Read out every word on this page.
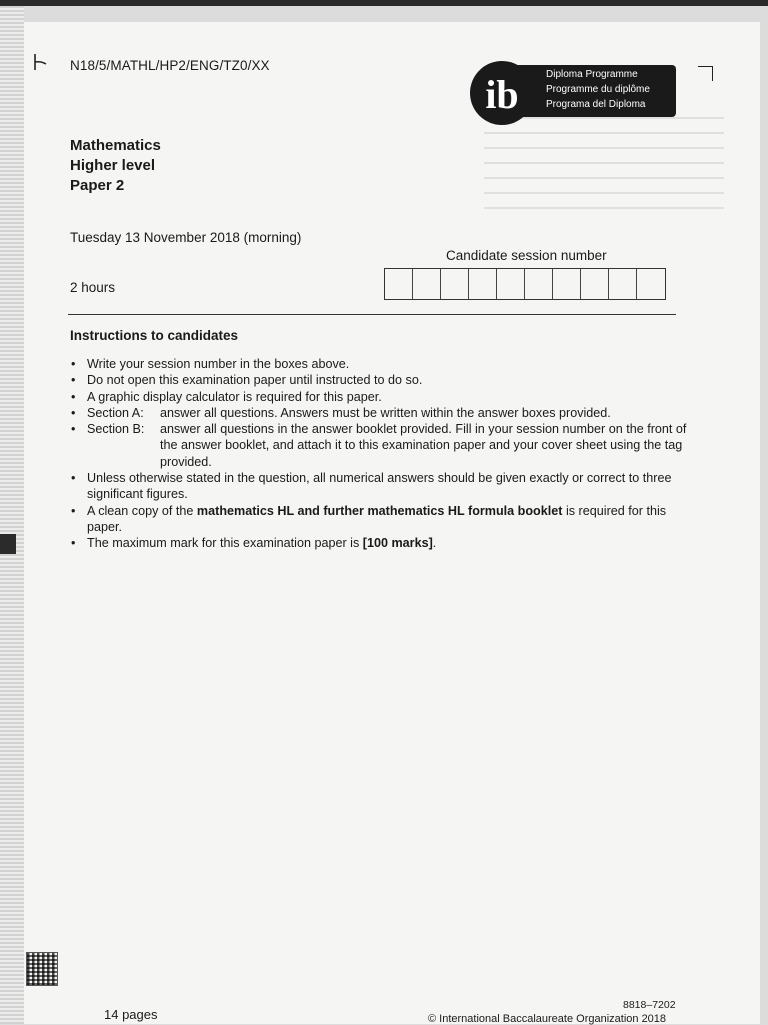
N18/5/MATHL/HP2/ENG/TZ0/XX
ib	Diploma Programme
Programme du diplôme
Programa del Diploma
Mathematics
Higher level
Paper 2
Tuesday 13 November 2018 (morning)
Candidate session number
2 hours
Instructions to candidates
• Write your session number in the boxes above.
• Do not open this examination paper until instructed to do so.
• A graphic display calculator is required for this paper.
• Section A:	answer all questions. Answers must be written within the answer boxes provided.
• Section B:	answer all questions in the answer booklet provided. Fill in your session number on the front of the answer booklet, and attach it to this examination paper and your cover sheet using the tag provided.
• Unless otherwise stated in the question, all numerical answers should be given exactly or correct to three significant figures.
• A clean copy of the mathematics HL and further mathematics HL formula booklet is required for this paper.
• The maximum mark for this examination paper is [100 marks].
14 pages
8818–7202
© International Baccalaureate Organization 2018
